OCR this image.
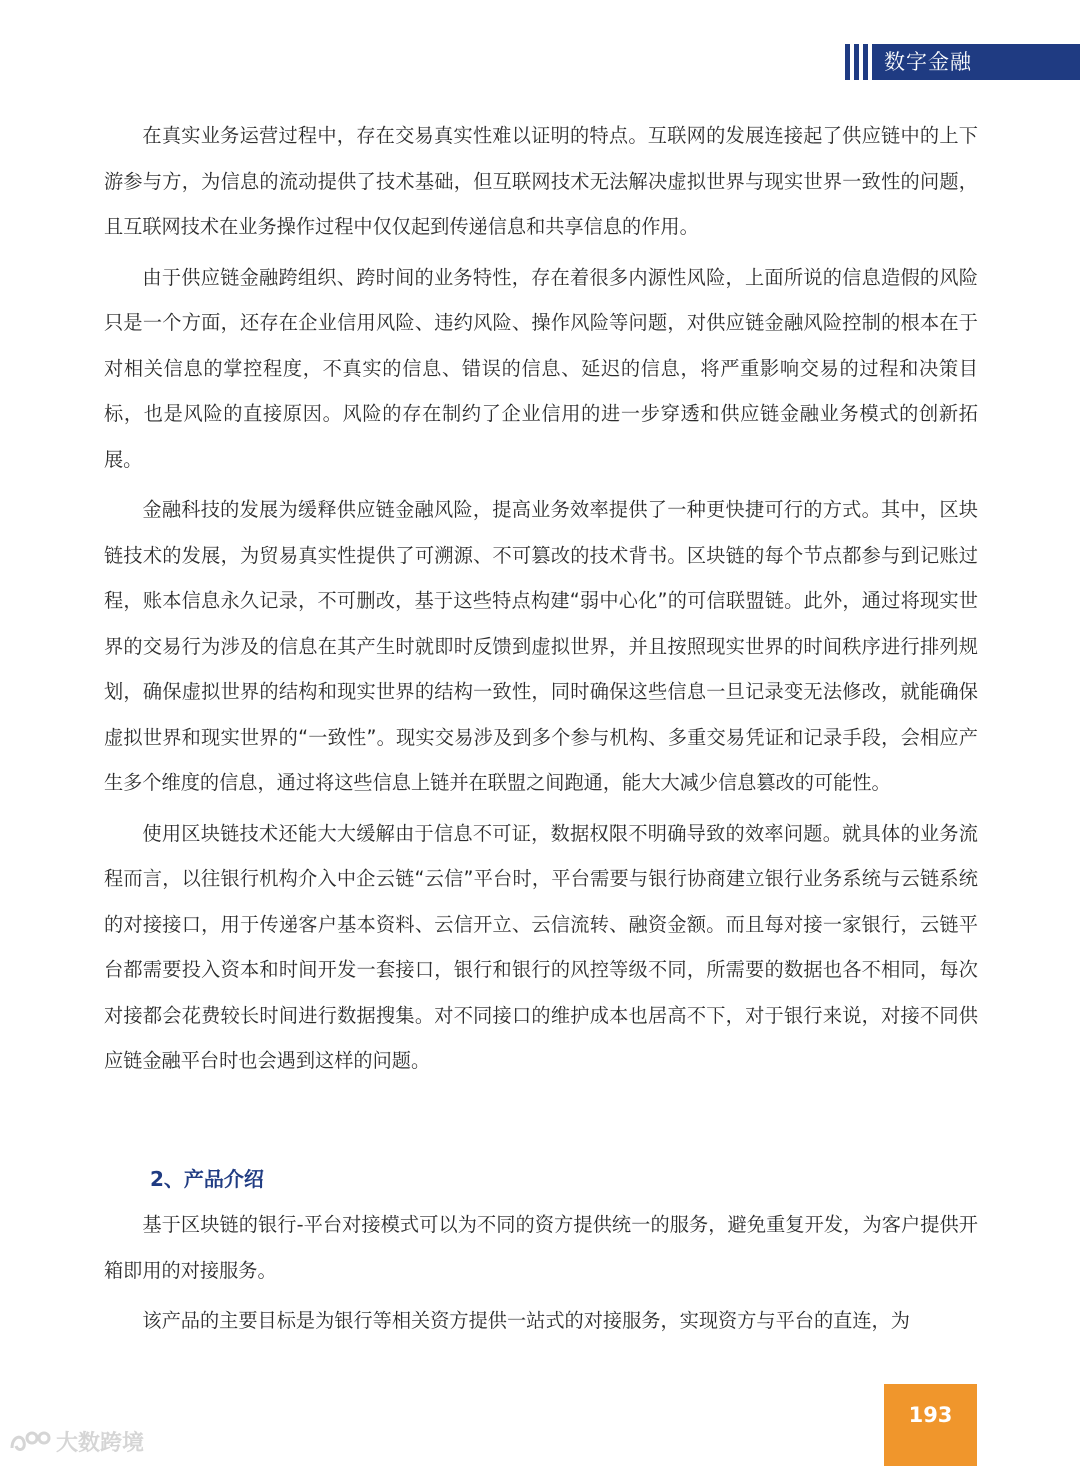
数字金融

在真实业务运营过程中，存在交易真实性难以证明的特点。互联网的发展连接起了供应链中的上下游参与方，为信息的流动提供了技术基础，但互联网技术无法解决虚拟世界与现实世界一致性的问题，且互联网技术在业务操作过程中仅仅起到传递信息和共享信息的作用。

由于供应链金融跨组织、跨时间的业务特性，存在着很多内源性风险，上面所说的信息造假的风险只是一个方面，还存在企业信用风险、违约风险、操作风险等问题，对供应链金融风险控制的根本在于对相关信息的掌控程度，不真实的信息、错误的信息、延迟的信息，将严重影响交易的过程和决策目标，也是风险的直接原因。风险的存在制约了企业信用的进一步穿透和供应链金融业务模式的创新拓展。

金融科技的发展为缓释供应链金融风险，提高业务效率提供了一种更快捷可行的方式。其中，区块链技术的发展，为贸易真实性提供了可溯源、不可篡改的技术背书。区块链的每个节点都参与到记账过程，账本信息永久记录，不可删改，基于这些特点构建“弱中心化”的可信联盟链。此外，通过将现实世界的交易行为涉及的信息在其产生时就即时反馈到虚拟世界，并且按照现实世界的时间秩序进行排列规划，确保虚拟世界的结构和现实世界的结构一致性，同时确保这些信息一旦记录变无法修改，就能确保虚拟世界和现实世界的“一致性”。现实交易涉及到多个参与机构、多重交易凭证和记录手段，会相应产生多个维度的信息，通过将这些信息上链并在联盟之间跑通，能大大减少信息篡改的可能性。

使用区块链技术还能大大缓解由于信息不可证，数据权限不明确导致的效率问题。就具体的业务流程而言，以往银行机构介入中企云链“云信”平台时，平台需要与银行协商建立银行业务系统与云链系统的对接接口，用于传递客户基本资料、云信开立、云信流转、融资金额。而且每对接一家银行，云链平台都需要投入资本和时间开发一套接口，银行和银行的风控等级不同，所需要的数据也各不相同，每次对接都会花费较长时间进行数据搜集。对不同接口的维护成本也居高不下，对于银行来说，对接不同供应链金融平台时也会遇到这样的问题。

2、产品介绍

基于区块链的银行-平台对接模式可以为不同的资方提供统一的服务，避免重复开发，为客户提供开箱即用的对接服务。

该产品的主要目标是为银行等相关资方提供一站式的对接服务，实现资方与平台的直连，为

193
大数跨境
